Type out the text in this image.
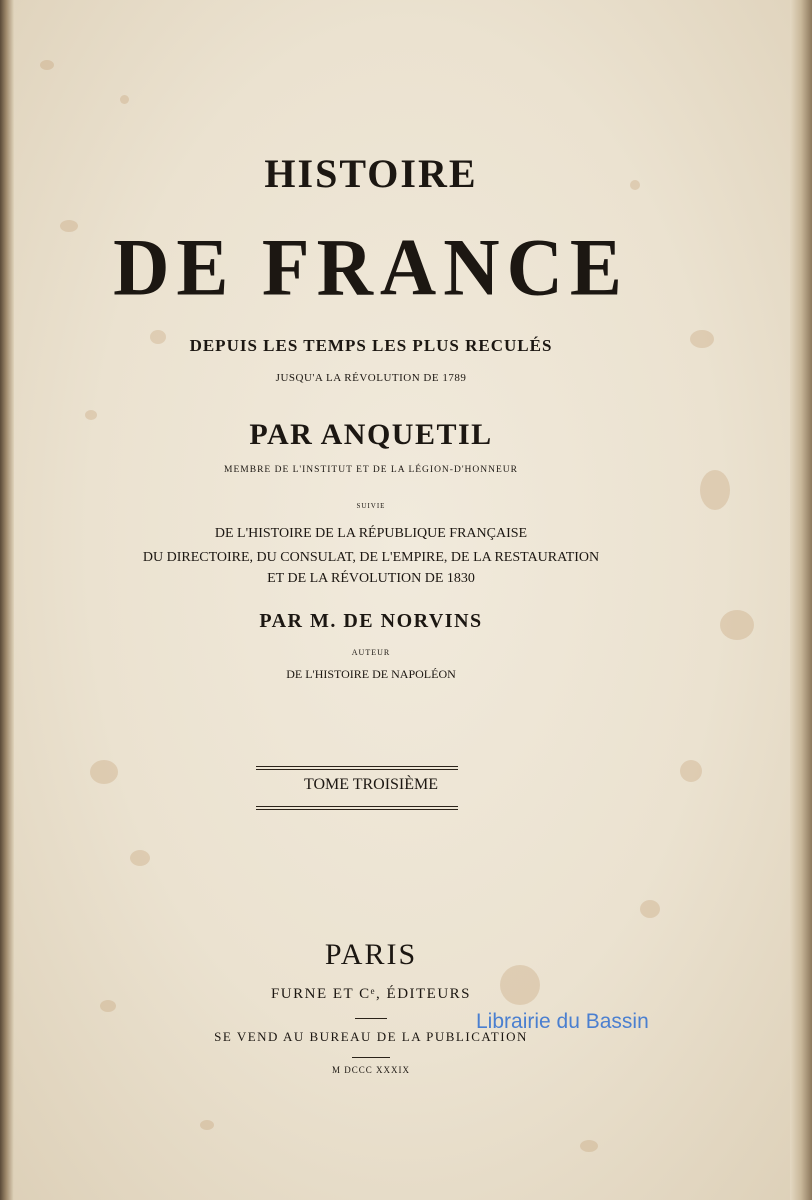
HISTOIRE
DE FRANCE
DEPUIS LES TEMPS LES PLUS RECULÉS
JUSQU'A LA RÉVOLUTION DE 1789
PAR ANQUETIL
MEMBRE DE L'INSTITUT ET DE LA LÉGION-D'HONNEUR
SUIVIE
DE L'HISTOIRE DE LA RÉPUBLIQUE FRANÇAISE
DU DIRECTOIRE, DU CONSULAT, DE L'EMPIRE, DE LA RESTAURATION
ET DE LA RÉVOLUTION DE 1830
PAR M. DE NORVINS
AUTEUR
DE L'HISTOIRE DE NAPOLÉON
TOME TROISIÈME
PARIS
FURNE ET Cᵉ, ÉDITEURS
SE VEND AU BUREAU DE LA PUBLICATION
M DCCC XXXIX
Librairie du Bassin
